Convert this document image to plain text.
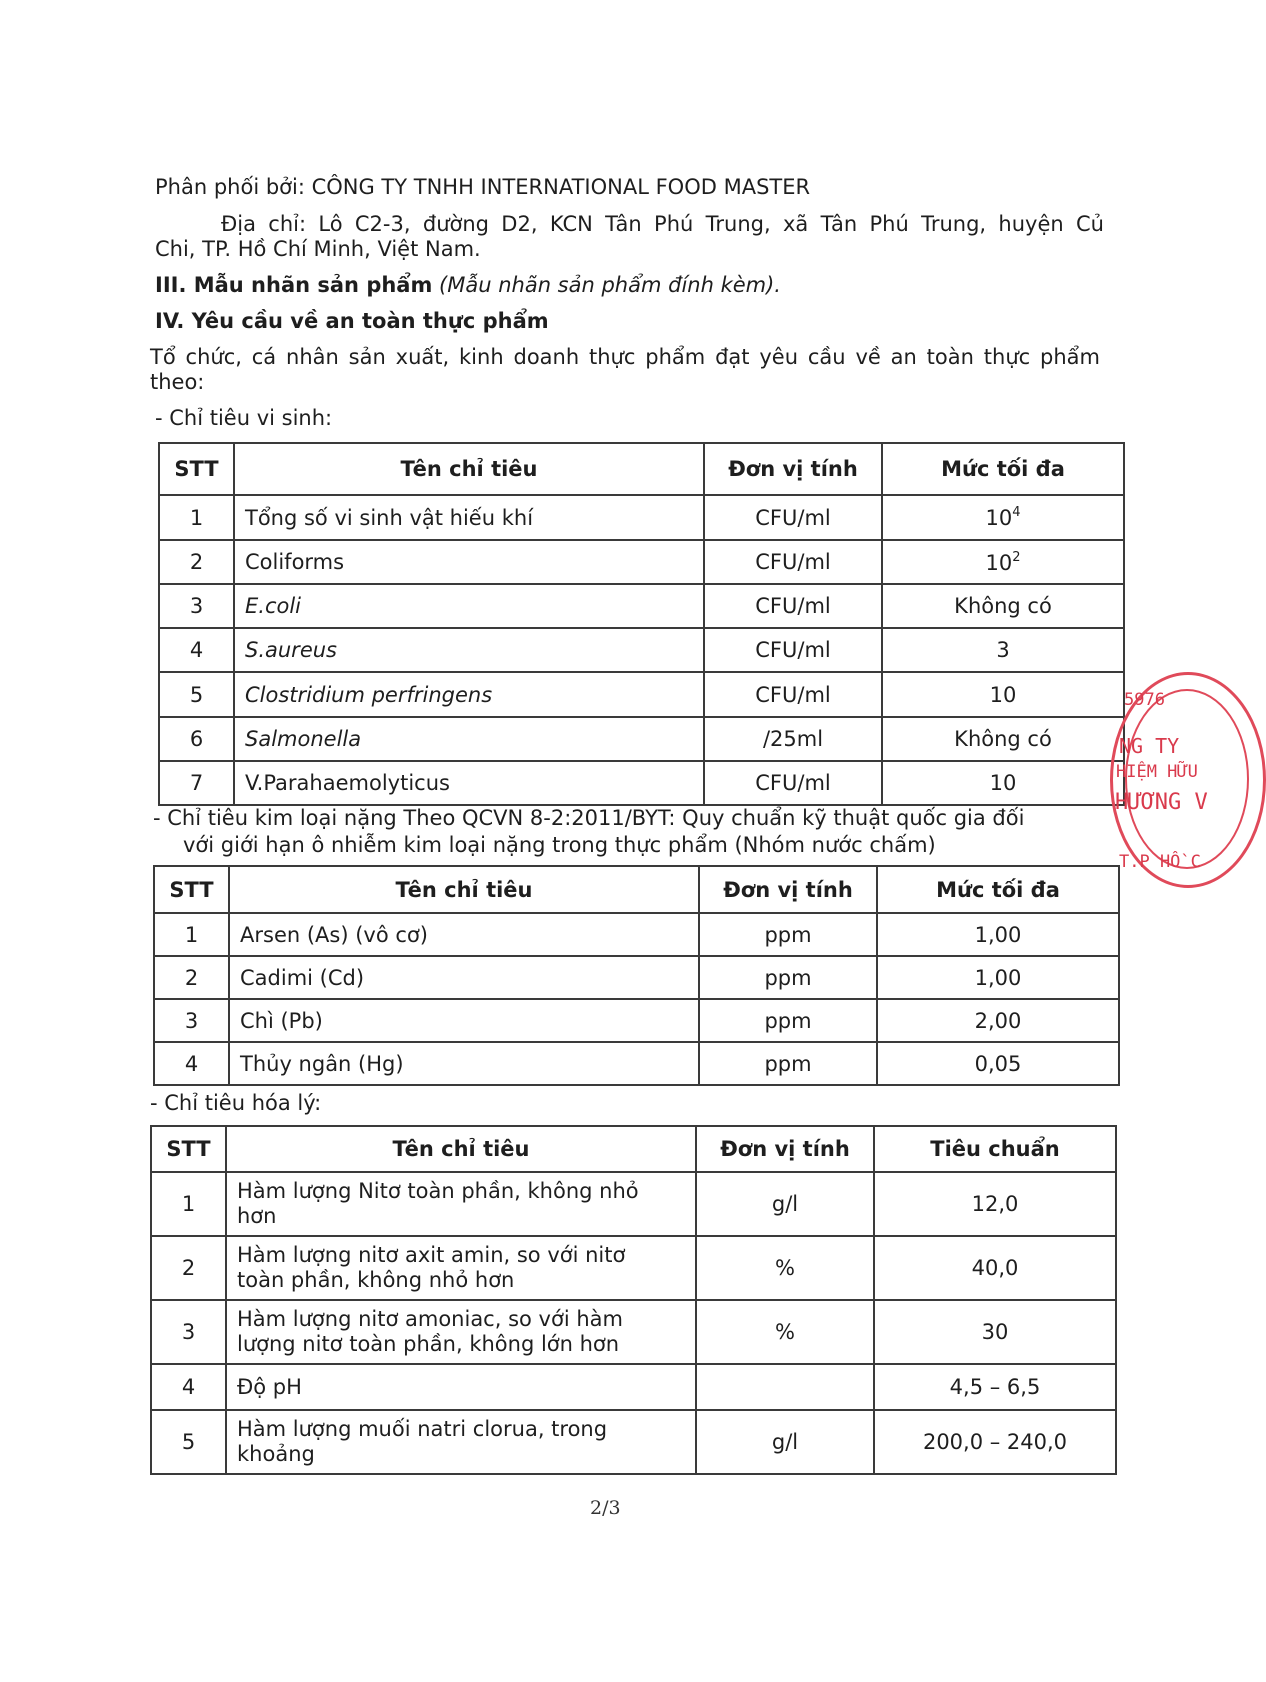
Phân phối bởi: CÔNG TY TNHH INTERNATIONAL FOOD MASTER
Địa chỉ: Lô C2-3, đường D2, KCN Tân Phú Trung, xã Tân Phú Trung, huyện Củ
Chi, TP. Hồ Chí Minh, Việt Nam.
III. Mẫu nhãn sản phẩm (Mẫu nhãn sản phẩm đính kèm).
IV. Yêu cầu về an toàn thực phẩm
Tổ chức, cá nhân sản xuất, kinh doanh thực phẩm đạt yêu cầu về an toàn thực phẩm
theo:
- Chỉ tiêu vi sinh:
STT	Tên chỉ tiêu	Đơn vị tính	Mức tối đa
1	Tổng số vi sinh vật hiếu khí	CFU/ml	$10^4$
2	Coliforms	CFU/ml	$10^2$
3	E.coli	CFU/ml	Không có
4	S.aureus	CFU/ml	3
5	Clostridium perfringens	CFU/ml	10
6	Salmonella	/25ml	Không có
7	V.Parahaemolyticus	CFU/ml	10
- Chỉ tiêu kim loại nặng Theo QCVN 8-2:2011/BYT: Quy chuẩn kỹ thuật quốc gia đối
với giới hạn ô nhiễm kim loại nặng trong thực phẩm (Nhóm nước chấm)
STT	Tên chỉ tiêu	Đơn vị tính	Mức tối đa
1	Arsen (As) (vô cơ)	ppm	1,00
2	Cadimi (Cd)	ppm	1,00
3	Chì (Pb)	ppm	2,00
4	Thủy ngân (Hg)	ppm	0,05
- Chỉ tiêu hóa lý:
STT	Tên chỉ tiêu	Đơn vị tính	Tiêu chuẩn
1	Hàm lượng Nitơ toàn phần, không nhỏ
hơn	g/l	12,0
2	Hàm lượng nitơ axit amin, so với nitơ
toàn phần, không nhỏ hơn	%	40,0
3	Hàm lượng nitơ amoniac, so với hàm
lượng nitơ toàn phần, không lớn hơn	%	30
4	Độ pH		4,5 – 6,5
5	Hàm lượng muối natri clorua, trong
khoảng	g/l	200,0 – 240,0
5976
NG TY
HIỆM HỮU
HƯƠNG V
T.P HỒ C
2/3
